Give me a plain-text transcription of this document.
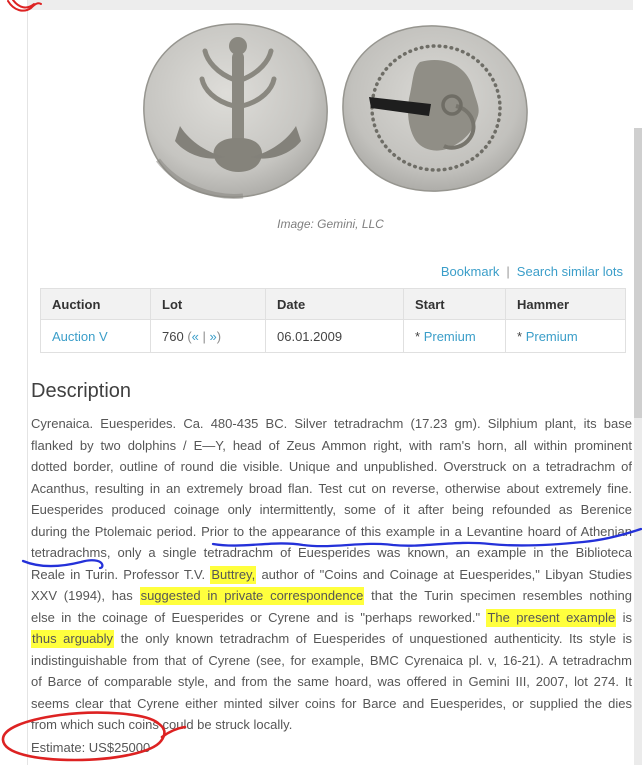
Image: Gemini, LLC
Bookmark | Search similar lots
Auction	Lot	Date	Start	Hammer
Auction V	760 (« | »)	06.01.2009	* Premium	* Premium
Description
Cyrenaica. Euesperides. Ca. 480-435 BC. Silver tetradrachm (17.23 gm). Silphium plant, its base
flanked by two dolphins / E—Y, head of Zeus Ammon right, with ram's horn, all within prominent
dotted border, outline of round die visible. Unique and unpublished. Overstruck on a tetradrachm of
Acanthus, resulting in an extremely broad flan. Test cut on reverse, otherwise about extremely fine.
Euesperides produced coinage only intermittently, some of it after being refounded as Berenice
during the Ptolemaic period. Prior to the appearance of this example in a Levantine hoard of Athenian
tetradrachms, only a single tetradrachm of Euesperides was known, an example in the Biblioteca
Reale in Turin. Professor T.V. Buttrey, author of "Coins and Coinage at Euesperides," Libyan Studies
XXV (1994), has suggested in private correspondence that the Turin specimen resembles nothing
else in the coinage of Euesperides or Cyrene and is "perhaps reworked." The present example is
thus arguably the only known tetradrachm of Euesperides of unquestioned authenticity. Its style is
indistinguishable from that of Cyrene (see, for example, BMC Cyrenaica pl. v, 16-21). A tetradrachm
of Barce of comparable style, and from the same hoard, was offered in Gemini III, 2007, lot 274. It
seems clear that Cyrene either minted silver coins for Barce and Euesperides, or supplied the dies
from which such coins could be struck locally.
Estimate: US$25000
